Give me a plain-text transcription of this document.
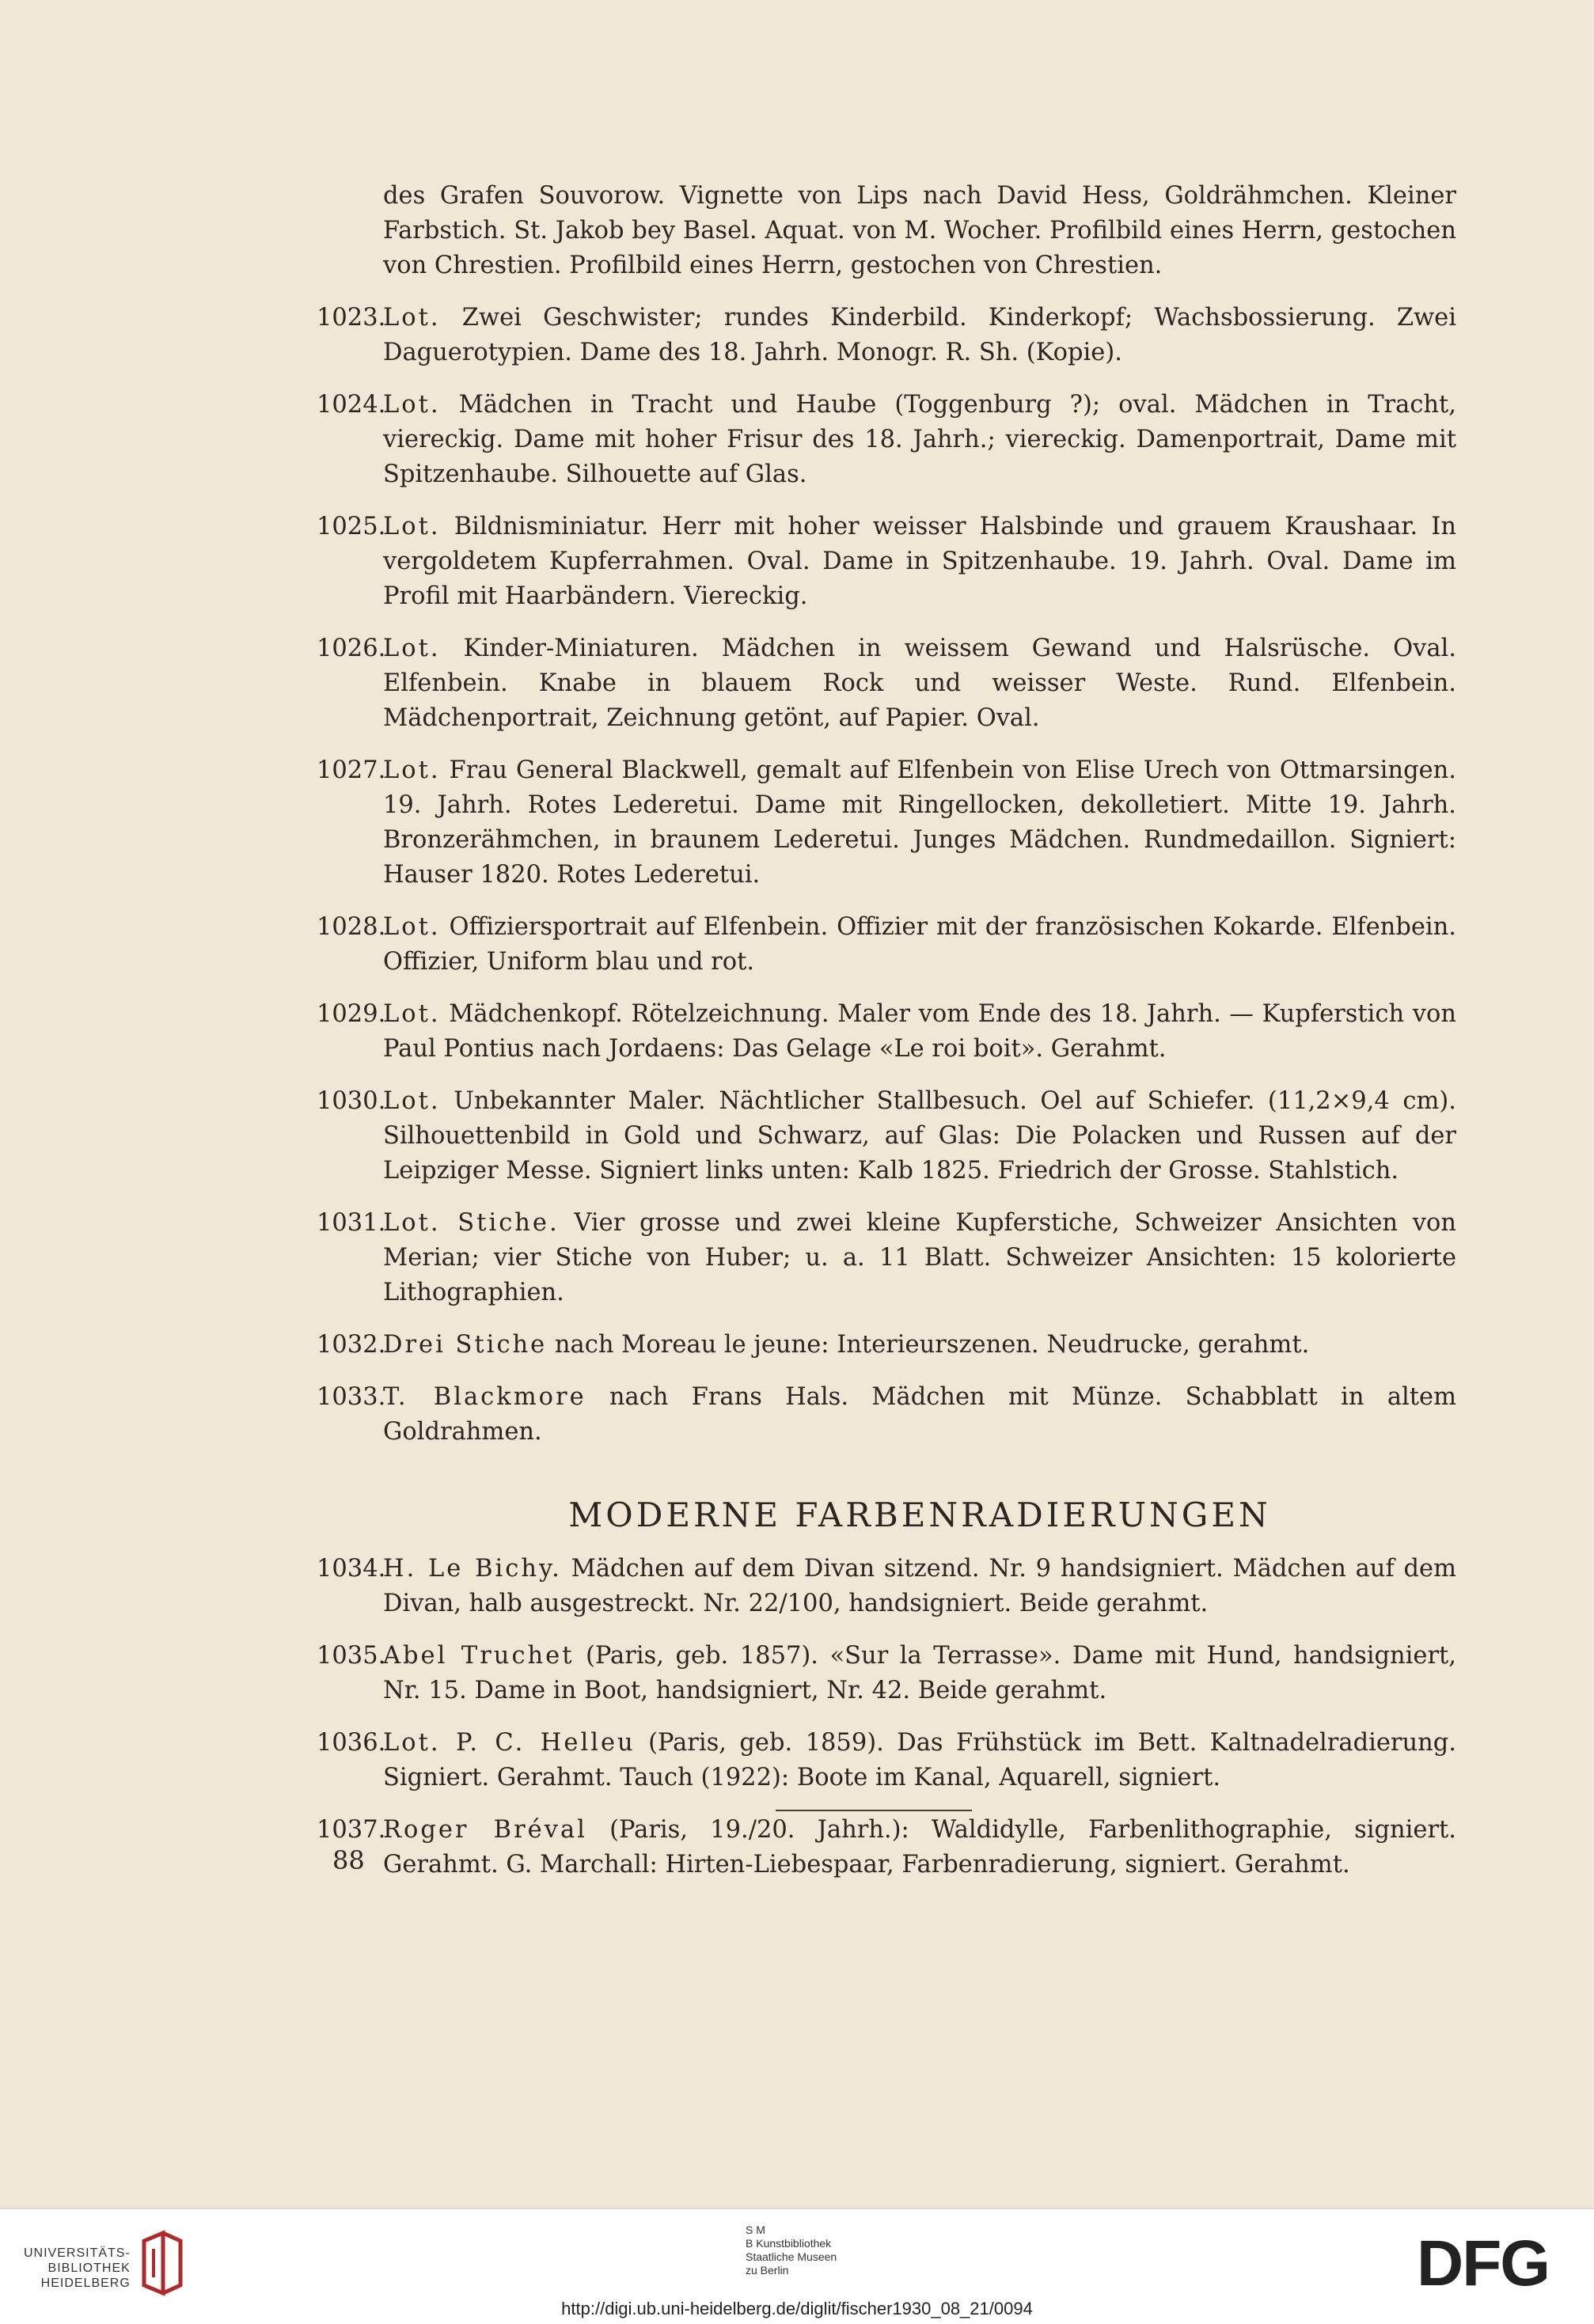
des Grafen Souvorow. Vignette von Lips nach David Hess, Goldrähmchen. Kleiner Farbstich. St. Jakob bey Basel. Aquat. von M. Wocher. Profilbild eines Herrn, gestochen von Chrestien. Profilbild eines Herrn, gestochen von Chrestien.
1023.
Lot. Zwei Geschwister; rundes Kinderbild. Kinderkopf; Wachsbossierung. Zwei Daguerotypien. Dame des 18. Jahrh. Monogr. R. Sh. (Kopie).
1024.
Lot. Mädchen in Tracht und Haube (Toggenburg ?); oval. Mädchen in Tracht, viereckig. Dame mit hoher Frisur des 18. Jahrh.; viereckig. Damenportrait, Dame mit Spitzenhaube. Silhouette auf Glas.
1025.
Lot. Bildnisminiatur. Herr mit hoher weisser Halsbinde und grauem Kraushaar. In vergoldetem Kupferrahmen. Oval. Dame in Spitzenhaube. 19. Jahrh. Oval. Dame im Profil mit Haarbändern. Viereckig.
1026.
Lot. Kinder-Miniaturen. Mädchen in weissem Gewand und Halsrüsche. Oval. Elfenbein. Knabe in blauem Rock und weisser Weste. Rund. Elfenbein. Mädchenportrait, Zeichnung getönt, auf Papier. Oval.
1027.
Lot. Frau General Blackwell, gemalt auf Elfenbein von Elise Urech von Ottmarsingen. 19. Jahrh. Rotes Lederetui. Dame mit Ringellocken, dekolletiert. Mitte 19. Jahrh. Bronzerähmchen, in braunem Lederetui. Junges Mädchen. Rundmedaillon. Signiert: Hauser 1820. Rotes Lederetui.
1028.
Lot. Offiziersportrait auf Elfenbein. Offizier mit der französischen Kokarde. Elfenbein. Offizier, Uniform blau und rot.
1029.
Lot. Mädchenkopf. Rötelzeichnung. Maler vom Ende des 18. Jahrh. — Kupferstich von Paul Pontius nach Jordaens: Das Gelage «Le roi boit». Gerahmt.
1030.
Lot. Unbekannter Maler. Nächtlicher Stallbesuch. Oel auf Schiefer. (11,2×9,4 cm). Silhouettenbild in Gold und Schwarz, auf Glas: Die Polacken und Russen auf der Leipziger Messe. Signiert links unten: Kalb 1825. Friedrich der Grosse. Stahlstich.
1031.
Lot. Stiche. Vier grosse und zwei kleine Kupferstiche, Schweizer Ansichten von Merian; vier Stiche von Huber; u. a. 11 Blatt. Schweizer Ansichten: 15 kolorierte Lithographien.
1032.
Drei Stiche nach Moreau le jeune: Interieurszenen. Neudrucke, gerahmt.
1033.
T. Blackmore nach Frans Hals. Mädchen mit Münze. Schabblatt in altem Goldrahmen.
MODERNE FARBENRADIERUNGEN
1034.
H. Le Bichy. Mädchen auf dem Divan sitzend. Nr. 9 handsigniert. Mädchen auf dem Divan, halb ausgestreckt. Nr. 22/100, handsigniert. Beide gerahmt.
1035.
Abel Truchet (Paris, geb. 1857). «Sur la Terrasse». Dame mit Hund, handsigniert, Nr. 15. Dame in Boot, handsigniert, Nr. 42. Beide gerahmt.
1036.
Lot. P. C. Helleu (Paris, geb. 1859). Das Frühstück im Bett. Kaltnadelradierung. Signiert. Gerahmt. Tauch (1922): Boote im Kanal, Aquarell, signiert.
1037.
Roger Bréval (Paris, 19./20. Jahrh.): Waldidylle, Farbenlithographie, signiert. Gerahmt. G. Marchall: Hirten-Liebespaar, Farbenradierung, signiert. Gerahmt.
88
UNIVERSITÄTS-
BIBLIOTHEK
HEIDELBERG
S M
B Kunstbibliothek
Staatliche Museen
zu Berlin	DFG
http://digi.ub.uni-heidelberg.de/diglit/fischer1930_08_21/0094
